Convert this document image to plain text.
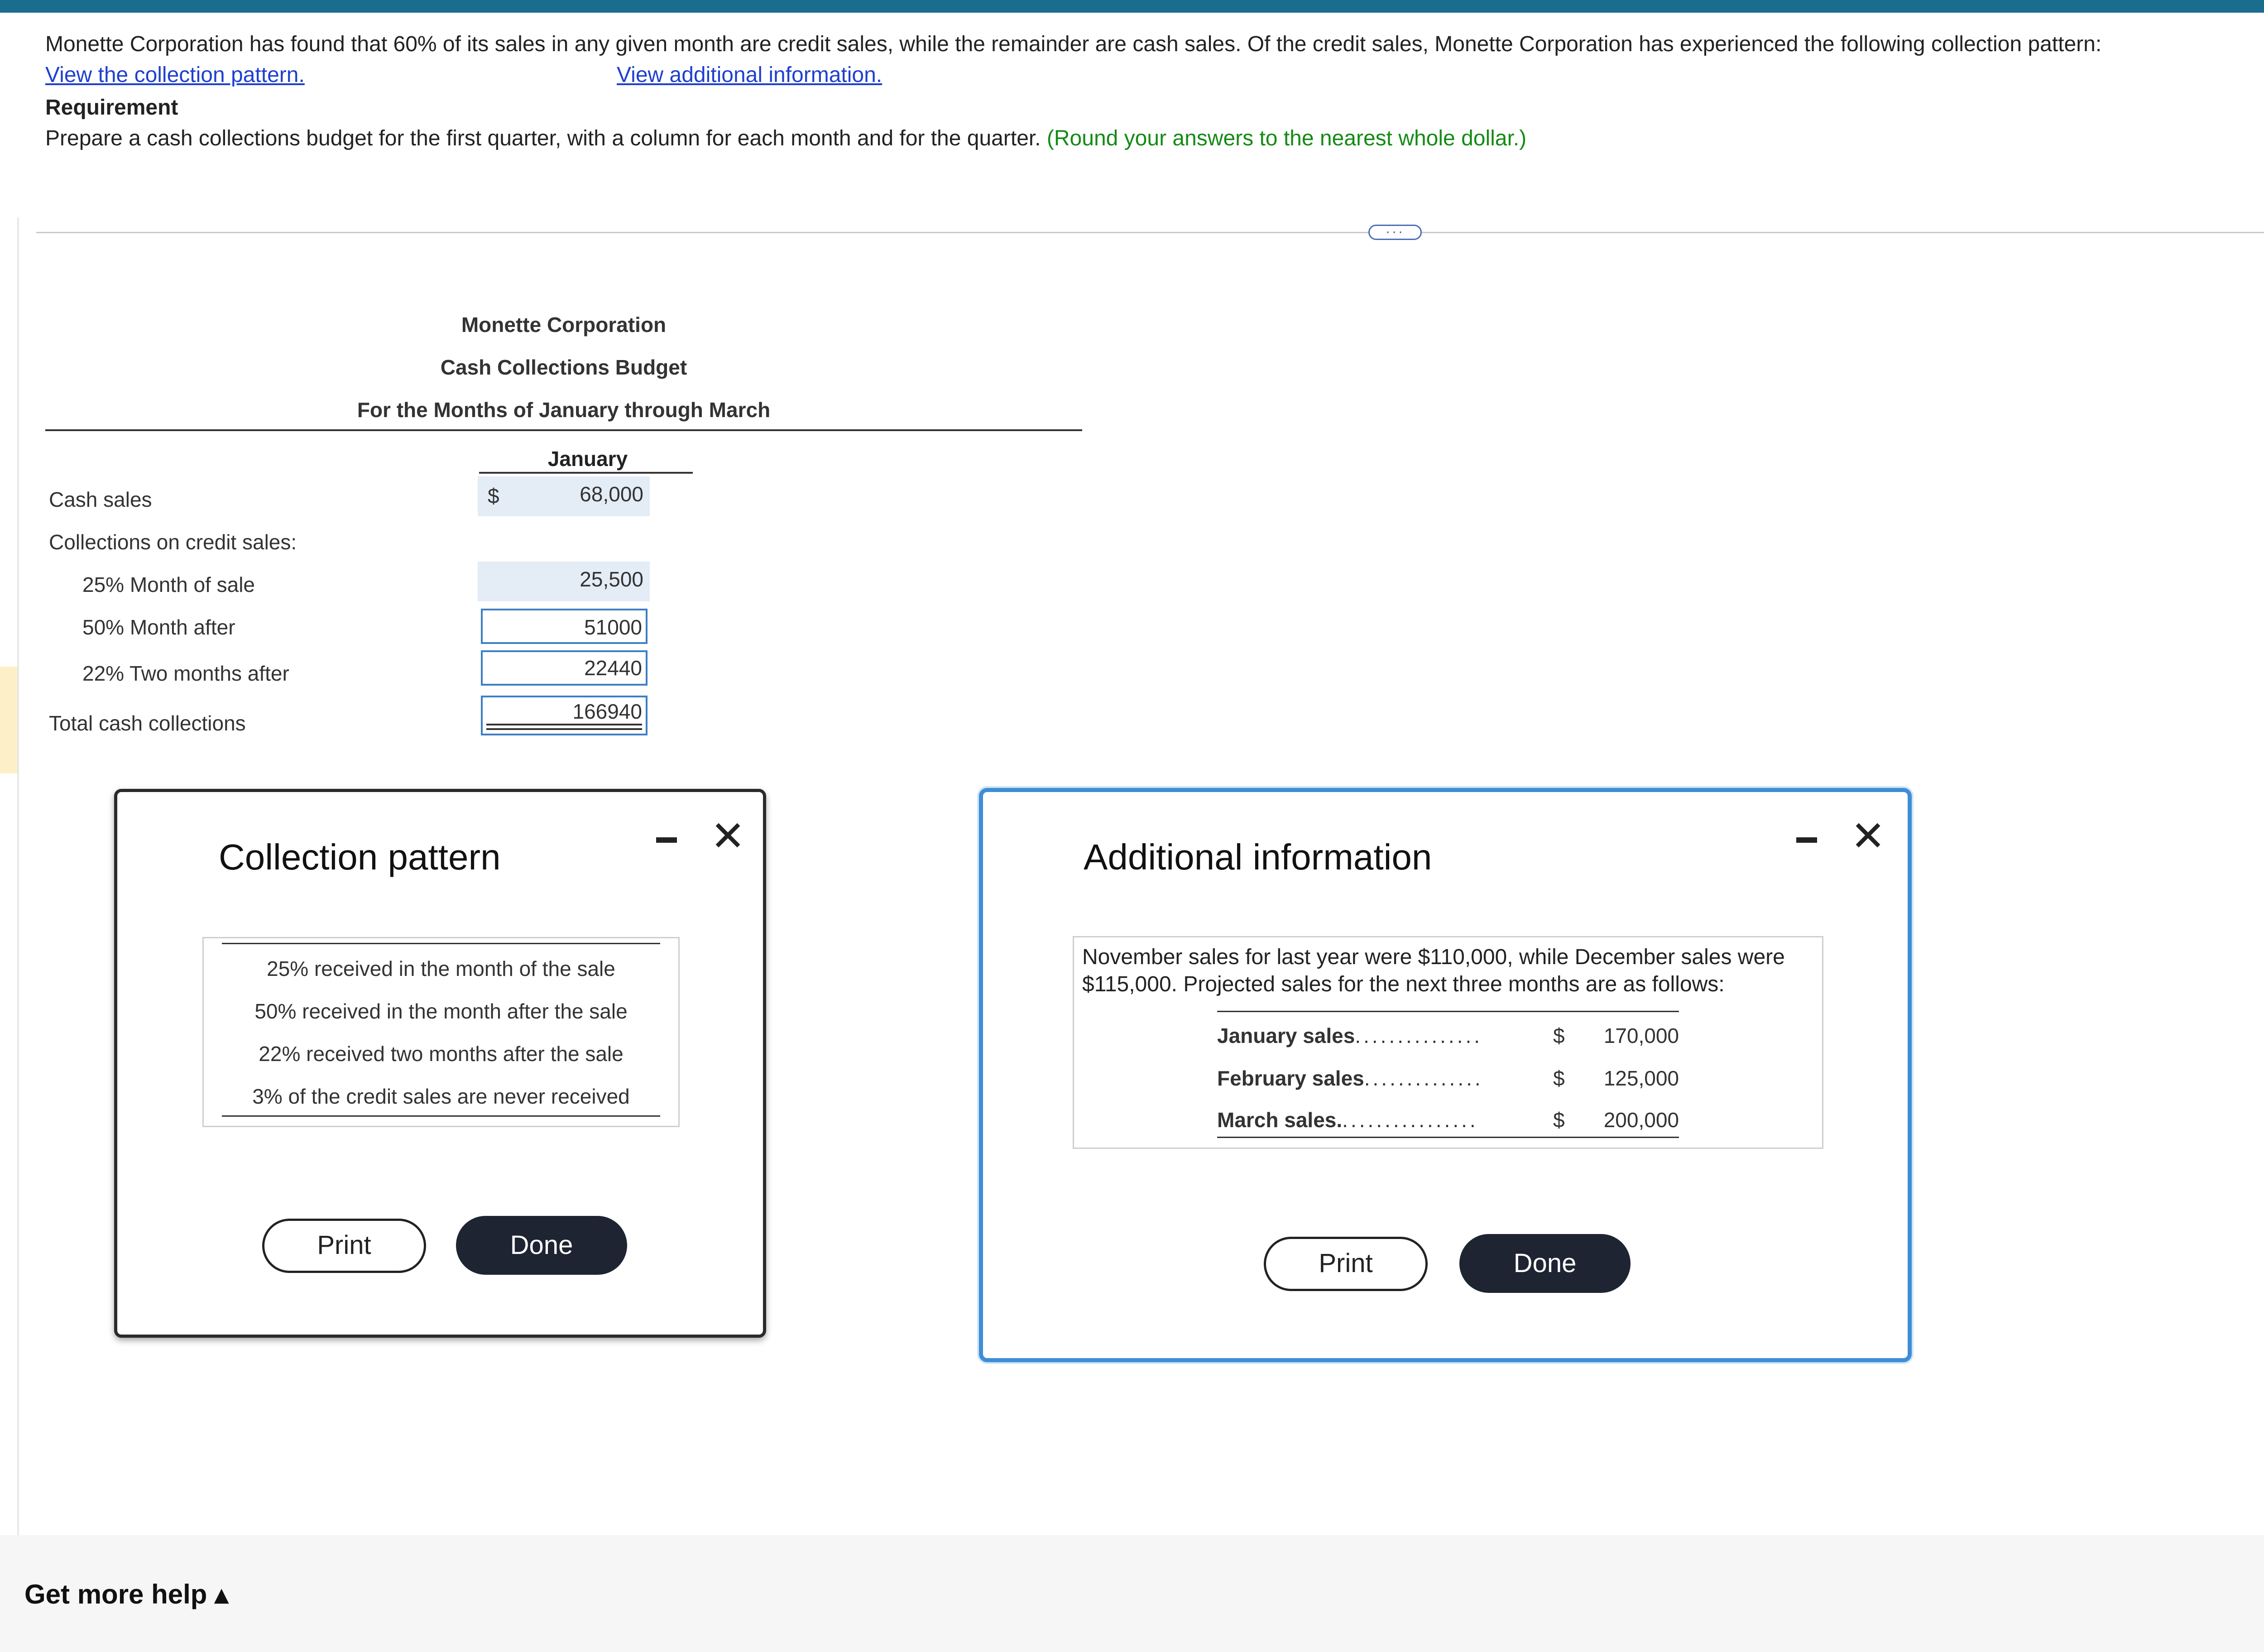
Monette Corporation has found that 60% of its sales in any given month are credit sales, while the remainder are cash sales. Of the credit sales, Monette Corporation has experienced the following collection pattern:
View the collection pattern.	View additional information.
Requirement
Prepare a cash collections budget for the first quarter, with a column for each month and for the quarter. (Round your answers to the nearest whole dollar.)
···
Monette Corporation
Cash Collections Budget
For the Months of January through March
January
Cash sales	$	68,000
Collections on credit sales:
25% Month of sale	25,500
50% Month after	51000
22% Two months after	22440
Total cash collections	166940
Collection pattern	✕
25% received in the month of the sale
50% received in the month after the sale
22% received two months after the sale
3% of the credit sales are never received
Print	Done
Additional information	✕
November sales for last year were $110,000, while December sales were $115,000. Projected sales for the next three months are as follows:
January sales...............	$ 170,000
February sales..............	$ 125,000
March sales.................	$ 200,000
Print	Done
Get more help ▴
